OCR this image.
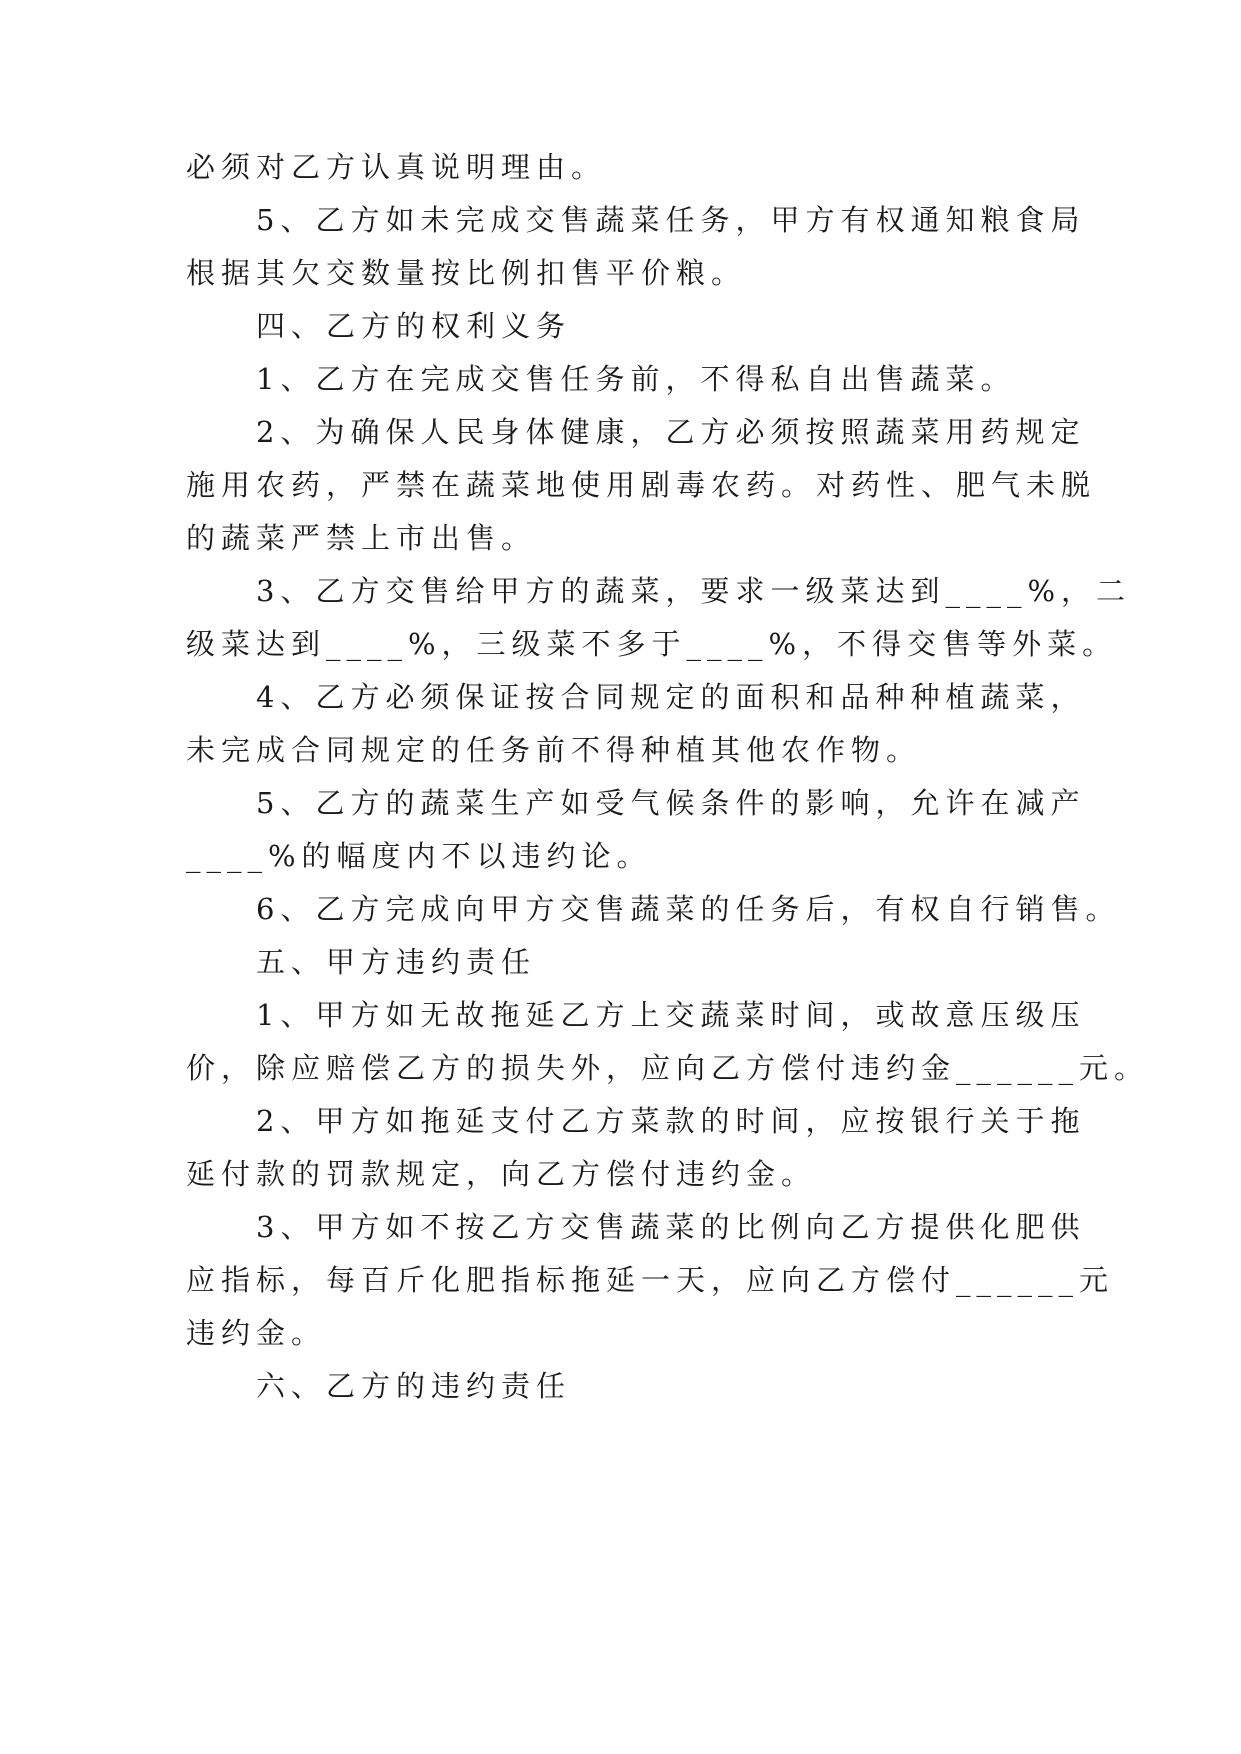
必须对乙方认真说明理由。
5、乙方如未完成交售蔬菜任务，甲方有权通知粮食局
根据其欠交数量按比例扣售平价粮。
四、乙方的权利义务
1、乙方在完成交售任务前，不得私自出售蔬菜。
2、为确保人民身体健康，乙方必须按照蔬菜用药规定
施用农药，严禁在蔬菜地使用剧毒农药。对药性、肥气未脱
的蔬菜严禁上市出售。
3、乙方交售给甲方的蔬菜，要求一级菜达到____%，二
级菜达到____%，三级菜不多于____%，不得交售等外菜。
4、乙方必须保证按合同规定的面积和品种种植蔬菜，
未完成合同规定的任务前不得种植其他农作物。
5、乙方的蔬菜生产如受气候条件的影响，允许在减产
____%的幅度内不以违约论。
6、乙方完成向甲方交售蔬菜的任务后，有权自行销售。
五、甲方违约责任
1、甲方如无故拖延乙方上交蔬菜时间，或故意压级压
价，除应赔偿乙方的损失外，应向乙方偿付违约金______元。
2、甲方如拖延支付乙方菜款的时间，应按银行关于拖
延付款的罚款规定，向乙方偿付违约金。
3、甲方如不按乙方交售蔬菜的比例向乙方提供化肥供
应指标，每百斤化肥指标拖延一天，应向乙方偿付______元
违约金。
六、乙方的违约责任
